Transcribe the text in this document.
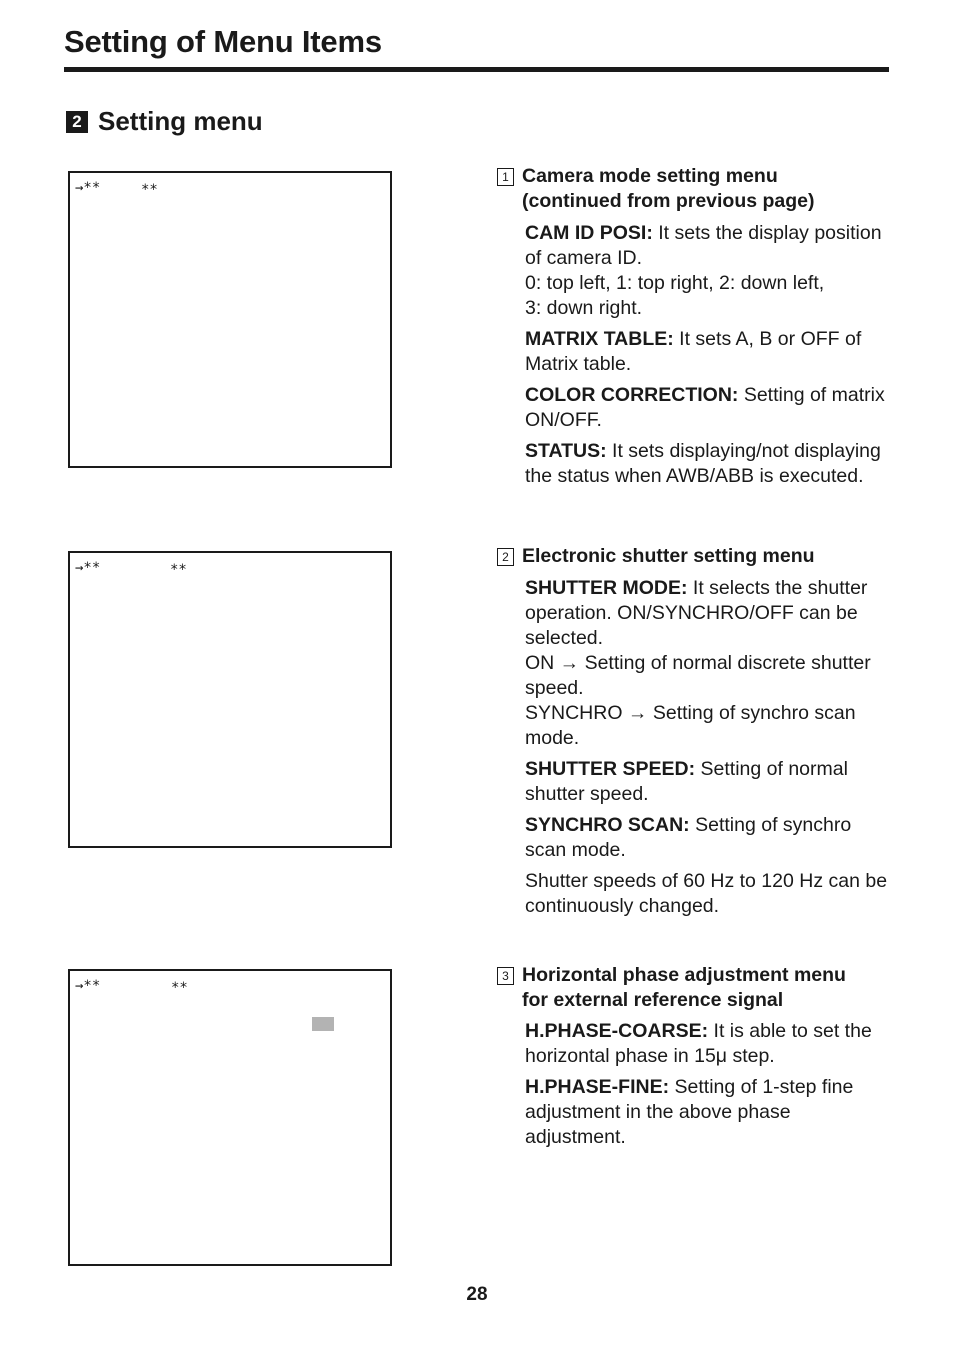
Setting of Menu Items
2 Setting menu
→**	**
→**	**
→**	**
1 Camera mode setting menu
(continued from previous page)

CAM ID POSI: It sets the display position of camera ID.
0: top left, 1: top right, 2: down left,
3: down right.

MATRIX TABLE: It sets A, B or OFF of Matrix table.

COLOR CORRECTION: Setting of matrix ON/OFF.

STATUS: It sets displaying/not displaying the status when AWB/ABB is executed.

2 Electronic shutter setting menu

SHUTTER MODE: It selects the shutter operation. ON/SYNCHRO/OFF can be selected.
ON → Setting of normal discrete shutter speed.
SYNCHRO → Setting of synchro scan mode.

SHUTTER SPEED: Setting of normal shutter speed.

SYNCHRO SCAN: Setting of synchro scan mode.

Shutter speeds of 60 Hz to 120 Hz can be continuously changed.

3 Horizontal phase adjustment menu
for external reference signal

H.PHASE-COARSE: It is able to set the horizontal phase in 15μ step.

H.PHASE-FINE: Setting of 1-step fine adjustment in the above phase adjustment.

28
